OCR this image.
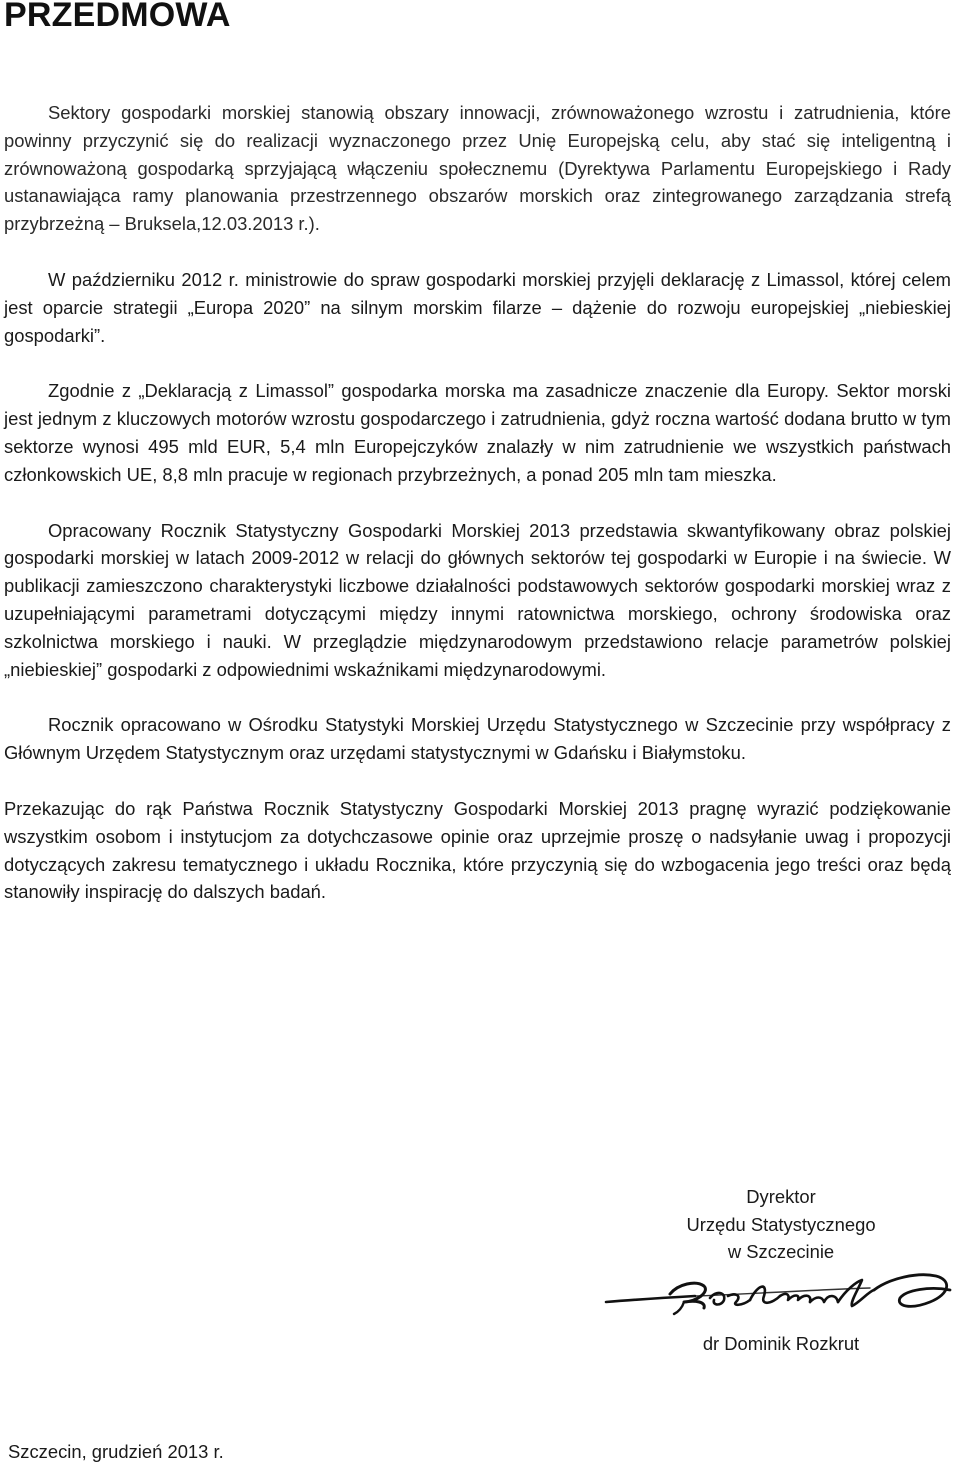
PRZEDMOWA

Sektory gospodarki morskiej stanowią obszary innowacji, zrównoważonego wzrostu i zatrudnienia, które powinny przyczynić się do realizacji wyznaczonego przez Unię Europejską celu, aby stać się inteligentną i zrównoważoną gospodarką sprzyjającą włączeniu społecznemu (Dyrektywa Parlamentu Europejskiego i Rady ustanawiająca ramy planowania przestrzennego obszarów morskich oraz zintegrowanego zarządzania strefą przybrzeżną – Bruksela,12.03.2013 r.).

W październiku 2012 r. ministrowie do spraw gospodarki morskiej przyjęli deklarację z Limassol, której celem jest oparcie strategii „Europa 2020” na silnym morskim filarze – dążenie do rozwoju europejskiej „niebieskiej gospodarki”.

Zgodnie z „Deklaracją z Limassol” gospodarka morska ma zasadnicze znaczenie dla Europy. Sektor morski jest jednym z kluczowych motorów wzrostu gospodarczego i zatrudnienia, gdyż roczna wartość dodana brutto w tym sektorze wynosi 495 mld EUR, 5,4 mln Europejczyków znalazły w nim zatrudnienie we wszystkich państwach członkowskich UE, 8,8 mln pracuje w regionach przybrzeżnych, a ponad 205 mln tam mieszka.

Opracowany Rocznik Statystyczny Gospodarki Morskiej 2013 przedstawia skwantyfikowany obraz polskiej gospodarki morskiej w latach 2009-2012 w relacji do głównych sektorów tej gospodarki w Europie i na świecie. W publikacji zamieszczono charakterystyki liczbowe działalności podstawowych sektorów gospodarki morskiej wraz z uzupełniającymi parametrami dotyczącymi między innymi ratownictwa morskiego, ochrony środowiska oraz szkolnictwa morskiego i nauki. W przeglądzie międzynarodowym przedstawiono relacje parametrów polskiej „niebieskiej” gospodarki z odpowiednimi wskaźnikami międzynarodowymi.

Rocznik opracowano w Ośrodku Statystyki Morskiej Urzędu Statystycznego w Szczecinie przy współpracy z Głównym Urzędem Statystycznym oraz urzędami statystycznymi w Gdańsku i Białymstoku.

Przekazując do rąk Państwa Rocznik Statystyczny Gospodarki Morskiej 2013 pragnę wyrazić podziękowanie wszystkim osobom i instytucjom za dotychczasowe opinie oraz uprzejmie proszę o nadsyłanie uwag i propozycji dotyczących zakresu tematycznego i układu Rocznika, które przyczynią się do wzbogacenia jego treści oraz będą stanowiły inspirację do dalszych badań.

Dyrektor
Urzędu Statystycznego
w Szczecinie
dr Dominik Rozkrut
Szczecin, grudzień 2013 r.
